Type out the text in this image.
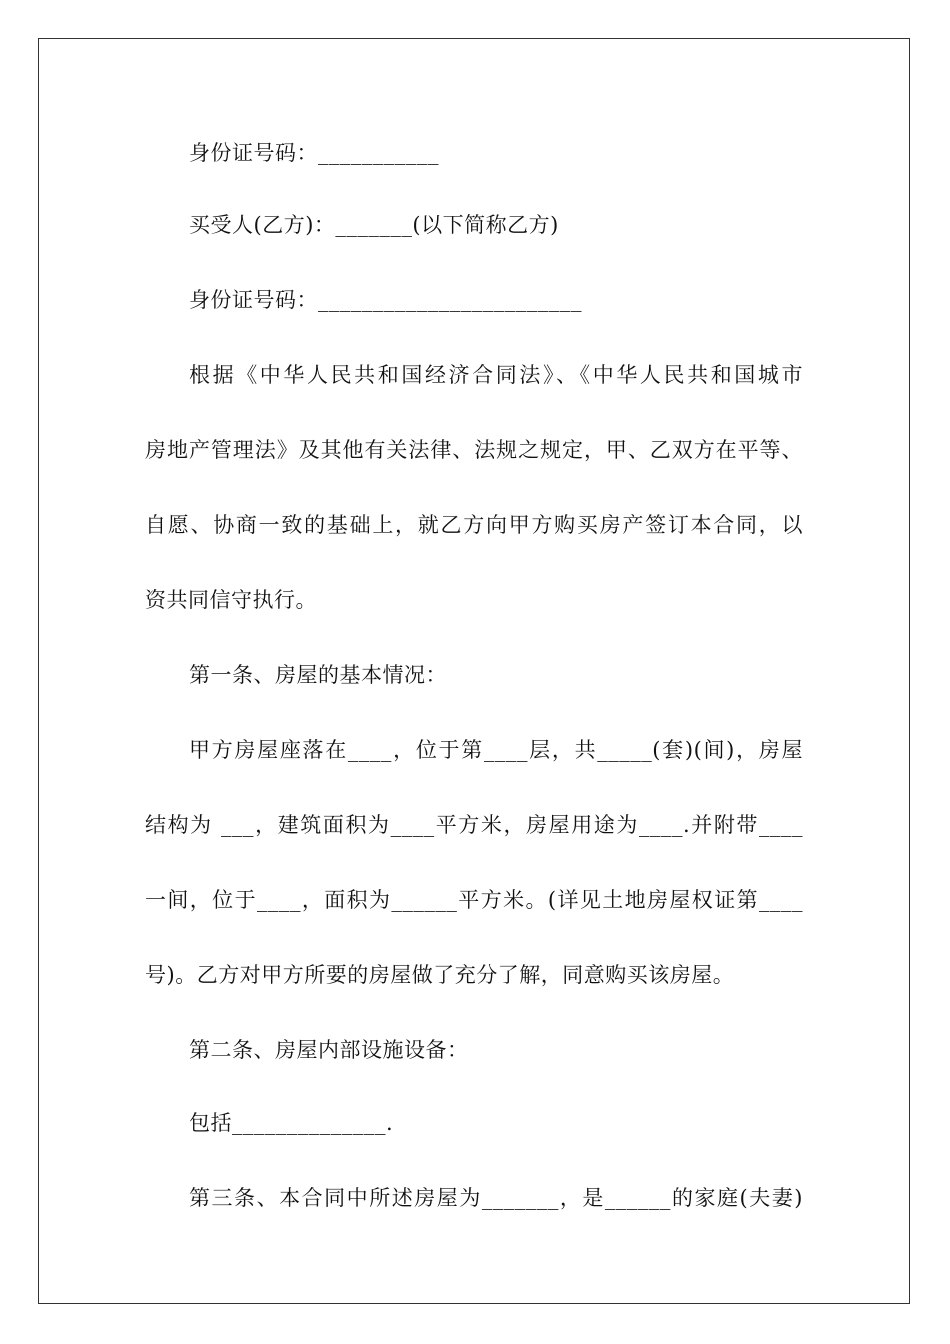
身份证号码：___________
买受人(乙方)：_______(以下简称乙方)
身份证号码：________________________
根据《中华人民共和国经济合同法》、《中华人民共和国城市
房地产管理法》及其他有关法律、法规之规定，甲、乙双方在平等、
自愿、协商一致的基础上，就乙方向甲方购买房产签订本合同，以
资共同信守执行。
第一条、房屋的基本情况：
甲方房屋座落在____，位于第____层，共_____(套)(间)，房屋
结构为 ___，建筑面积为____平方米，房屋用途为____.并附带____
一间，位于____，面积为______平方米。(详见土地房屋权证第____
号)。乙方对甲方所要的房屋做了充分了解，同意购买该房屋。
第二条、房屋内部设施设备：
包括______________.
第三条、本合同中所述房屋为_______，是______的家庭(夫妻)
